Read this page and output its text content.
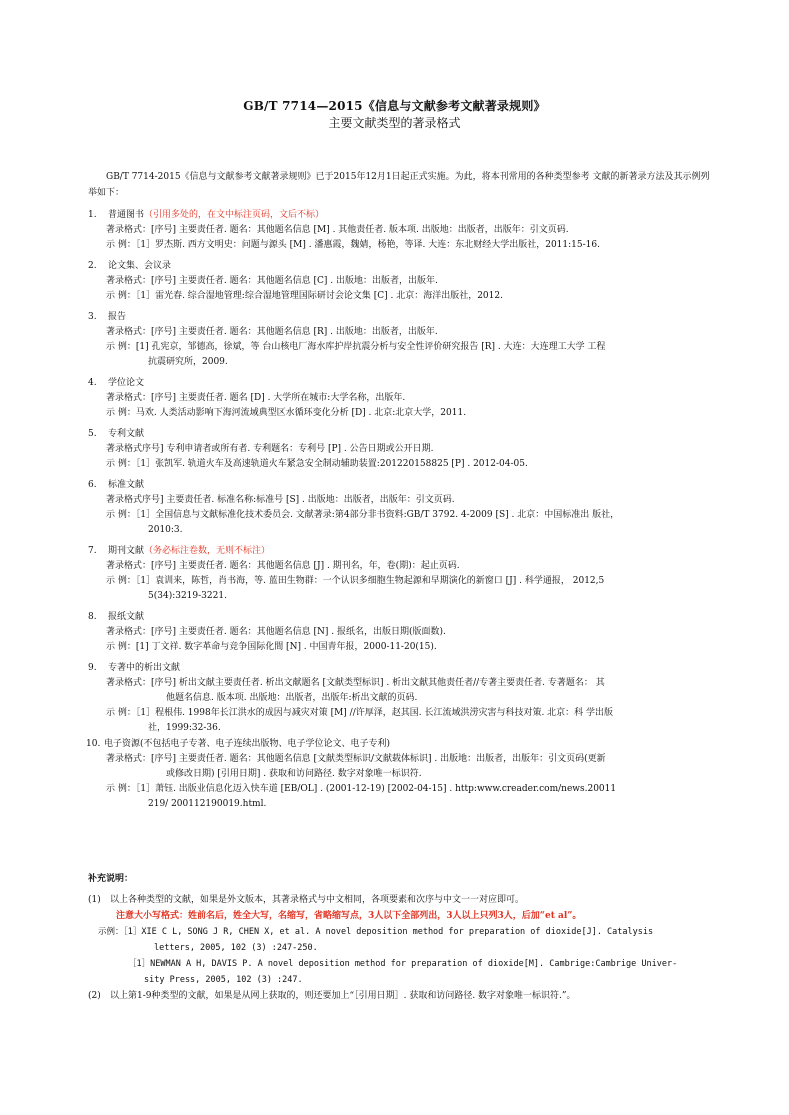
GB/T 7714—2015《信息与文献参考文献著录规则》
主要文献类型的著录格式
GB/T 7714-2015《信息与文献参考文献著录规则》已于2015年12月1日起正式实施。为此，将本刊常用的各种类型参考 文献的新著录方法及其示例列举如下：
1. 普通图书（引用多处的，在文中标注页码，文后不标）
著录格式：[序号] 主要责任者. 题名：其他题名信息 [M] . 其他责任者. 版本项. 出版地：出版者，出版年：引文页码.
示 例：［1］罗杰斯. 西方文明史：问题与源头 [M] . 潘惠霞，魏婧，杨艳，等译. 大连：东北财经大学出版社，2011:15-16.
2. 论文集、会议录
著录格式：[序号] 主要责任者. 题名：其他题名信息 [C] . 出版地：出版者，出版年.
示 例：［1］雷光春. 综合湿地管理:综合湿地管理国际研讨会论文集 [C] . 北京：海洋出版社，2012.
3. 报告
著录格式：[序号] 主要责任者. 题名：其他题名信息 [R] . 出版地：出版者，出版年.
示 例：[1] 孔宪京，邹德高，徐斌，等 台山核电厂海水库护岸抗震分析与安全性评价研究报告 [R] . 大连：大连理工大学 工程
抗震研究所，2009.
4. 学位论文
著录格式：[序号] 主要责任者. 题名 [D] . 大学所在城市:大学名称，出版年.
示 例：马欢. 人类活动影响下海河流域典型区水循环变化分析 [D] . 北京:北京大学，2011.
5. 专利文献
著录格式序号] 专利申请者或所有者. 专利题名：专利号 [P] . 公告日期或公开日期.
示 例：［1］张凯军. 轨道火车及高速轨道火车紧急安全制动辅助装置:201220158825 [P] . 2012-04-05.
6. 标准文献
著录格式序号] 主要责任者. 标准名称:标准号 [S] . 出版地：出版者，出版年：引文页码.
示 例：［1］全国信息与文献标准化技术委员会. 文献著录:第4部分非书资料:GB/T 3792. 4-2009 [S] . 北京：中国标准出 版社，
2010:3.
7. 期刊文献（务必标注卷数，无则不标注）
著录格式：[序号] 主要责任者. 题名：其他题名信息 [J] . 期刊名，年，卷(期)：起止页码.
示 例：［1］袁训来，陈哲，肖书海，等. 蓝田生物群：一个认识多细胞生物起源和早期演化的新窗口 [J] . 科学通报， 2012,5
5(34):3219-3221.
8. 报纸文献
著录格式：[序号] 主要责任者. 题名：其他题名信息 [N] . 报纸名，出版日期(版面数).
示 例：[1] 丁文祥. 数字革命与竞争国际化間 [N] . 中国青年报，2000-11-20(15).
9. 专著中的析出文献
著录格式：[序号] 析出文献主要责任者. 析出文献题名 [文献类型标识] . 析出文献其他责任者//专著主要责任者. 专著题名： 其
他题名信息. 版本项. 出版地：出版者，出版年:析出文献的页码.
示 例：［1］程根伟. 1998年长江洪水的成因与减灾对策 [M] //许厚泽，赵其国. 长江流域洪涝灾害与科技对策. 北京：科 学出版
社，1999:32-36.
10. 电子资源(不包括电子专著、电子连续出版物、电子学位论文、电子专利)
著录格式：[序号] 主要责任者. 题名：其他题名信息 [文献类型标识/文献载体标识] . 出版地：出版者，出版年：引文页码(更新
或修改日期) [引用日期] . 获取和访问路径. 数字对象唯一标识符.
示 例：［1］萧钰. 出版业信息化迈入快车道 [EB/OL] . (2001-12-19) [2002-04-15] . http:www.creader.com/news.20011
219/ 200112190019.html.
补充说明：
(1) 以上各种类型的文献，如果是外文版本，其著录格式与中文相同，各项要素和次序与中文一一对应即可。
注意大小写格式：姓前名后，姓全大写，名缩写，省略缩写点，3人以下全部列出，3人以上只列3人，后加“et al”。
示例：［1］XIE C L, SONG J R, CHEN X, et al. A novel deposition method for preparation of dioxide[J]. Catalysis
letters, 2005, 102 (3) :247-250.
［1］NEWMAN A H, DAVIS P. A novel deposition method for preparation of dioxide[M]. Cambrige:Cambrige Univer-
sity Press, 2005, 102 (3) :247.
(2) 以上第1-9种类型的文献，如果是从网上获取的，则还要加上“［引用日期］. 获取和访问路径. 数字对象唯一标识符.”。
